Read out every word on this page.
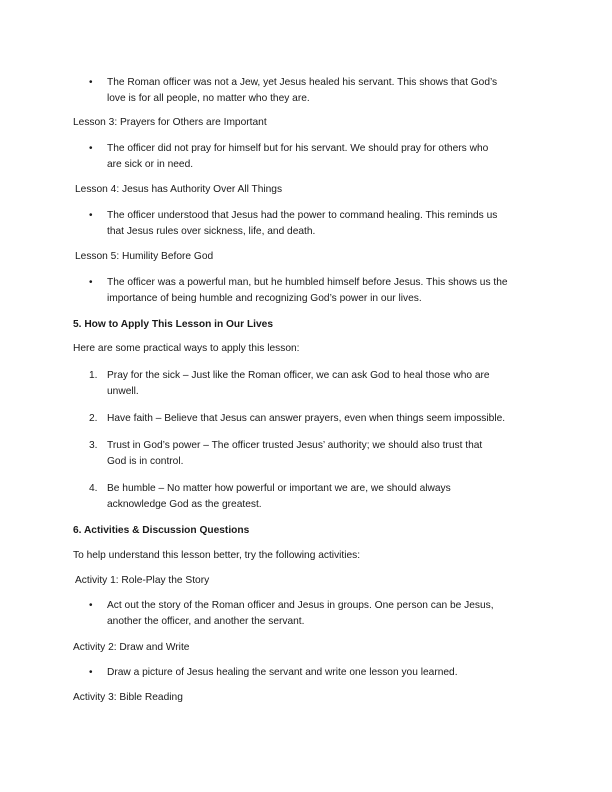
• The Roman officer was not a Jew, yet Jesus healed his servant. This shows that God’s
love is for all people, no matter who they are.
Lesson 3: Prayers for Others are Important
• The officer did not pray for himself but for his servant. We should pray for others who
are sick or in need.
Lesson 4: Jesus has Authority Over All Things
• The officer understood that Jesus had the power to command healing. This reminds us
that Jesus rules over sickness, life, and death.
Lesson 5: Humility Before God
• The officer was a powerful man, but he humbled himself before Jesus. This shows us the
importance of being humble and recognizing God’s power in our lives.
5. How to Apply This Lesson in Our Lives
Here are some practical ways to apply this lesson:
1. Pray for the sick – Just like the Roman officer, we can ask God to heal those who are
unwell.
2. Have faith – Believe that Jesus can answer prayers, even when things seem impossible.
3. Trust in God’s power – The officer trusted Jesus’ authority; we should also trust that
God is in control.
4. Be humble – No matter how powerful or important we are, we should always
acknowledge God as the greatest.
6. Activities & Discussion Questions
To help understand this lesson better, try the following activities:
Activity 1: Role-Play the Story
• Act out the story of the Roman officer and Jesus in groups. One person can be Jesus,
another the officer, and another the servant.
Activity 2: Draw and Write
• Draw a picture of Jesus healing the servant and write one lesson you learned.
Activity 3: Bible Reading
